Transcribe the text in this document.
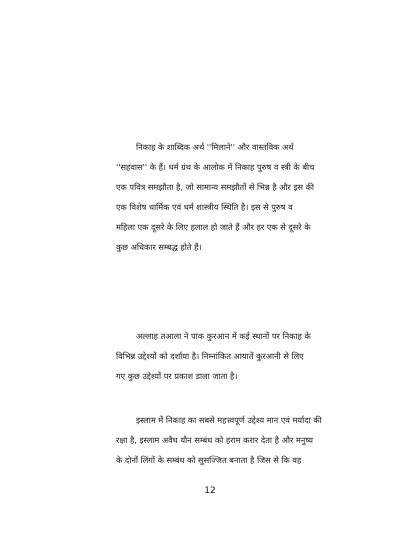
निकाह के शाब्दिक अर्थ ''मिलाने'' और वास्तविक अर्थ
''सहवास'' के हैं। धर्म ग्रंथ के आलोक में निकाह पुरुष व स्त्री के बीच
एक पवित्र समझौता है, जो सामान्य समझौतों से भिन्न है और इस की
एक विशेष धार्मिक एवं धर्म शास्त्रीय स्थिति है। इस से पुरुष व
महिला एक दूसरे के लिए हलाल हो जाते हैं और हर एक से दूसरे के
कुछ अधिकार सम्बद्ध होते हैं।

अल्लाह तआला ने पाक कुरआन में कई स्थानों पर निकाह के
विभिन्न उद्देश्यों को दर्शाया है। निम्नांकित आयातें कुरआनी से लिए
गए कुछ उद्देश्यों पर प्रकाश डाला जाता है।

इस्लाम में निकाह का सबसे महत्त्वपूर्ण उद्देश्य मान एवं मर्यादा की
रक्षा है, इस्लाम अवैध यौन सम्बंध को हराम करार देता है और मनुष्य
के दोनों लिंगों के सम्बंध को सुसज्जित बनाता है जिस से कि वह

12
